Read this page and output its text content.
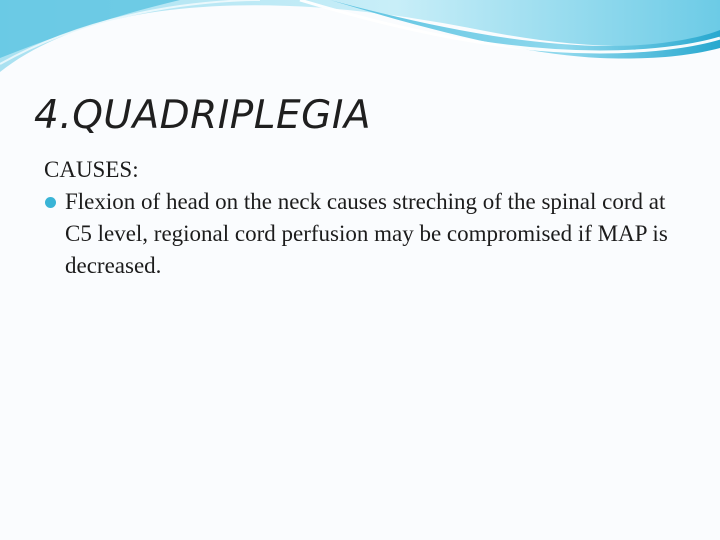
4.QUADRIPLEGIA

CAUSES:

Flexion of head on the neck causes streching of the spinal cord at C5 level, regional cord perfusion may be compromised if MAP is decreased.
